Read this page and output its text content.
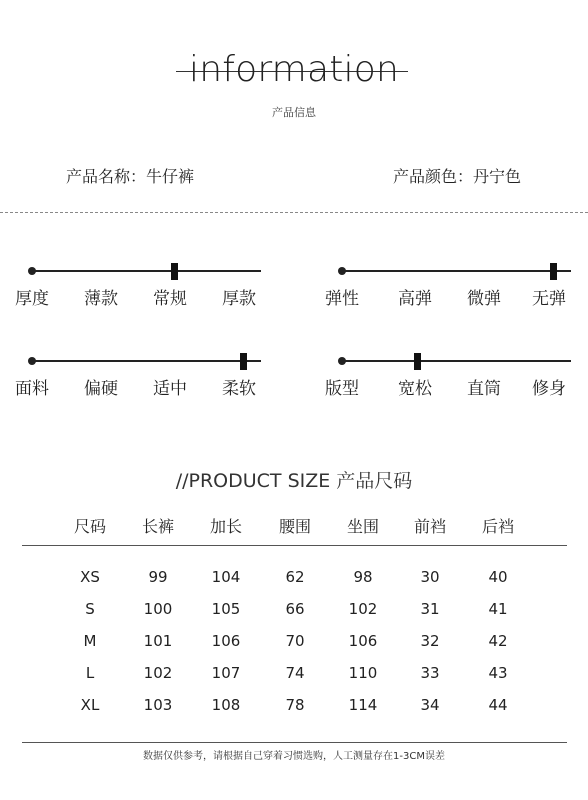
information
产品信息
产品名称：牛仔裤	产品颜色：丹宁色
厚度 薄款 常规 厚款	弹性 高弹 微弹 无弹
面料 偏硬 适中 柔软	版型 宽松 直筒 修身
//PRODUCT SIZE 产品尺码
尺码	长裤	加长	腰围	坐围	前裆	后裆
XS	99	104	62	98	30	40
S	100	105	66	102	31	41
M	101	106	70	106	32	42
L	102	107	74	110	33	43
XL	103	108	78	114	34	44
数据仅供参考，请根据自己穿着习惯选购，人工测量存在1-3CM误差
